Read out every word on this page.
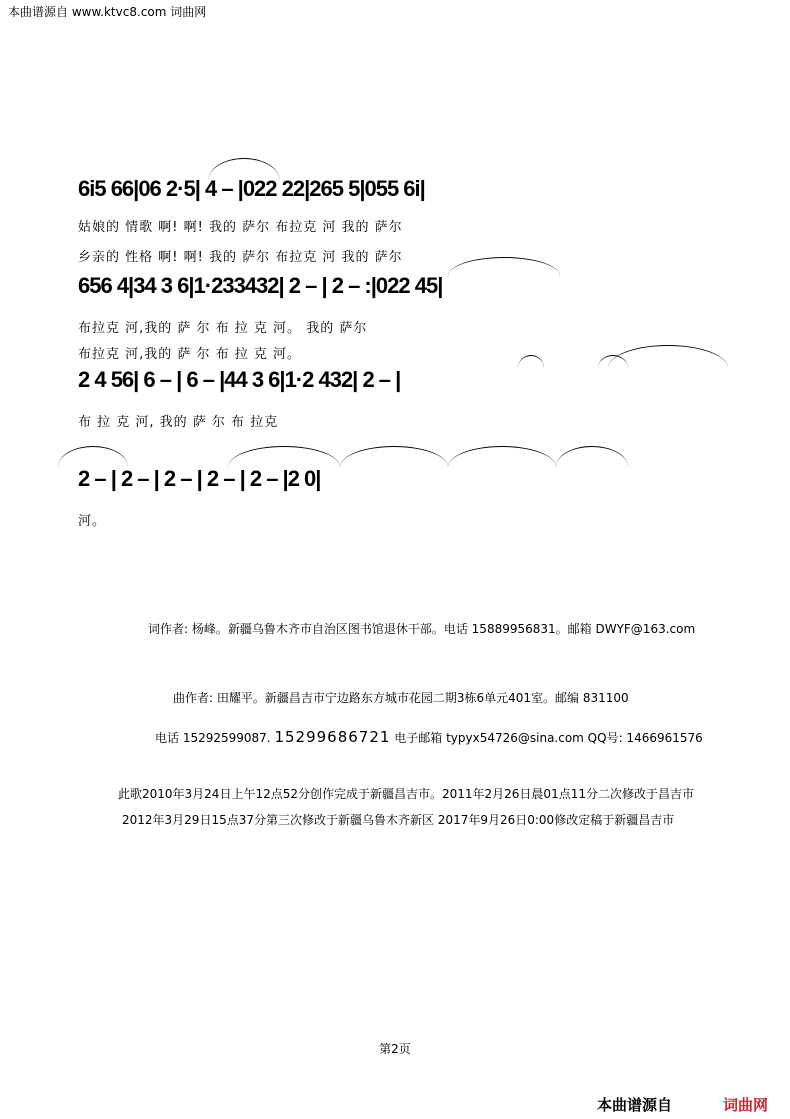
本曲谱源自 www.ktvc8.com 词曲网
6i5 66|06 2·5| 4 – |022 22|265 5|055 6i|
姑娘的 情歌 啊! 啊! 我的 萨尔 布拉克 河 我的 萨尔
乡亲的 性格 啊! 啊! 我的 萨尔 布拉克 河 我的 萨尔
656 4|34 3 6|1·233432| 2 – | 2 – :|022 45|
布拉克 河,我的 萨 尔 布 拉 克 河。 我的 萨尔
布拉克 河,我的 萨 尔 布 拉 克 河。
2 4 56| 6 – | 6 – |44 3 6|1·2 432| 2 – |
布 拉 克 河, 我的 萨 尔 布 拉克
2 – | 2 – | 2 – | 2 – | 2 – |2 0|
河。
词作者: 杨峰。新疆乌鲁木齐市自治区图书馆退休干部。电话 15889956831。邮箱 DWYF@163.com
曲作者: 田耀平。新疆昌吉市宁边路东方城市花园二期3栋6单元401室。邮编 831100
电话 15292599087. 15299686721 电子邮箱 typyx54726@sina.com QQ号: 1466961576
此歌2010年3月24日上午12点52分创作完成于新疆昌吉市。2011年2月26日晨01点11分二次修改于昌吉市
2012年3月29日15点37分第三次修改于新疆乌鲁木齐新区 2017年9月26日0:00修改定稿于新疆昌吉市
第2页
本曲谱源自	词曲网
